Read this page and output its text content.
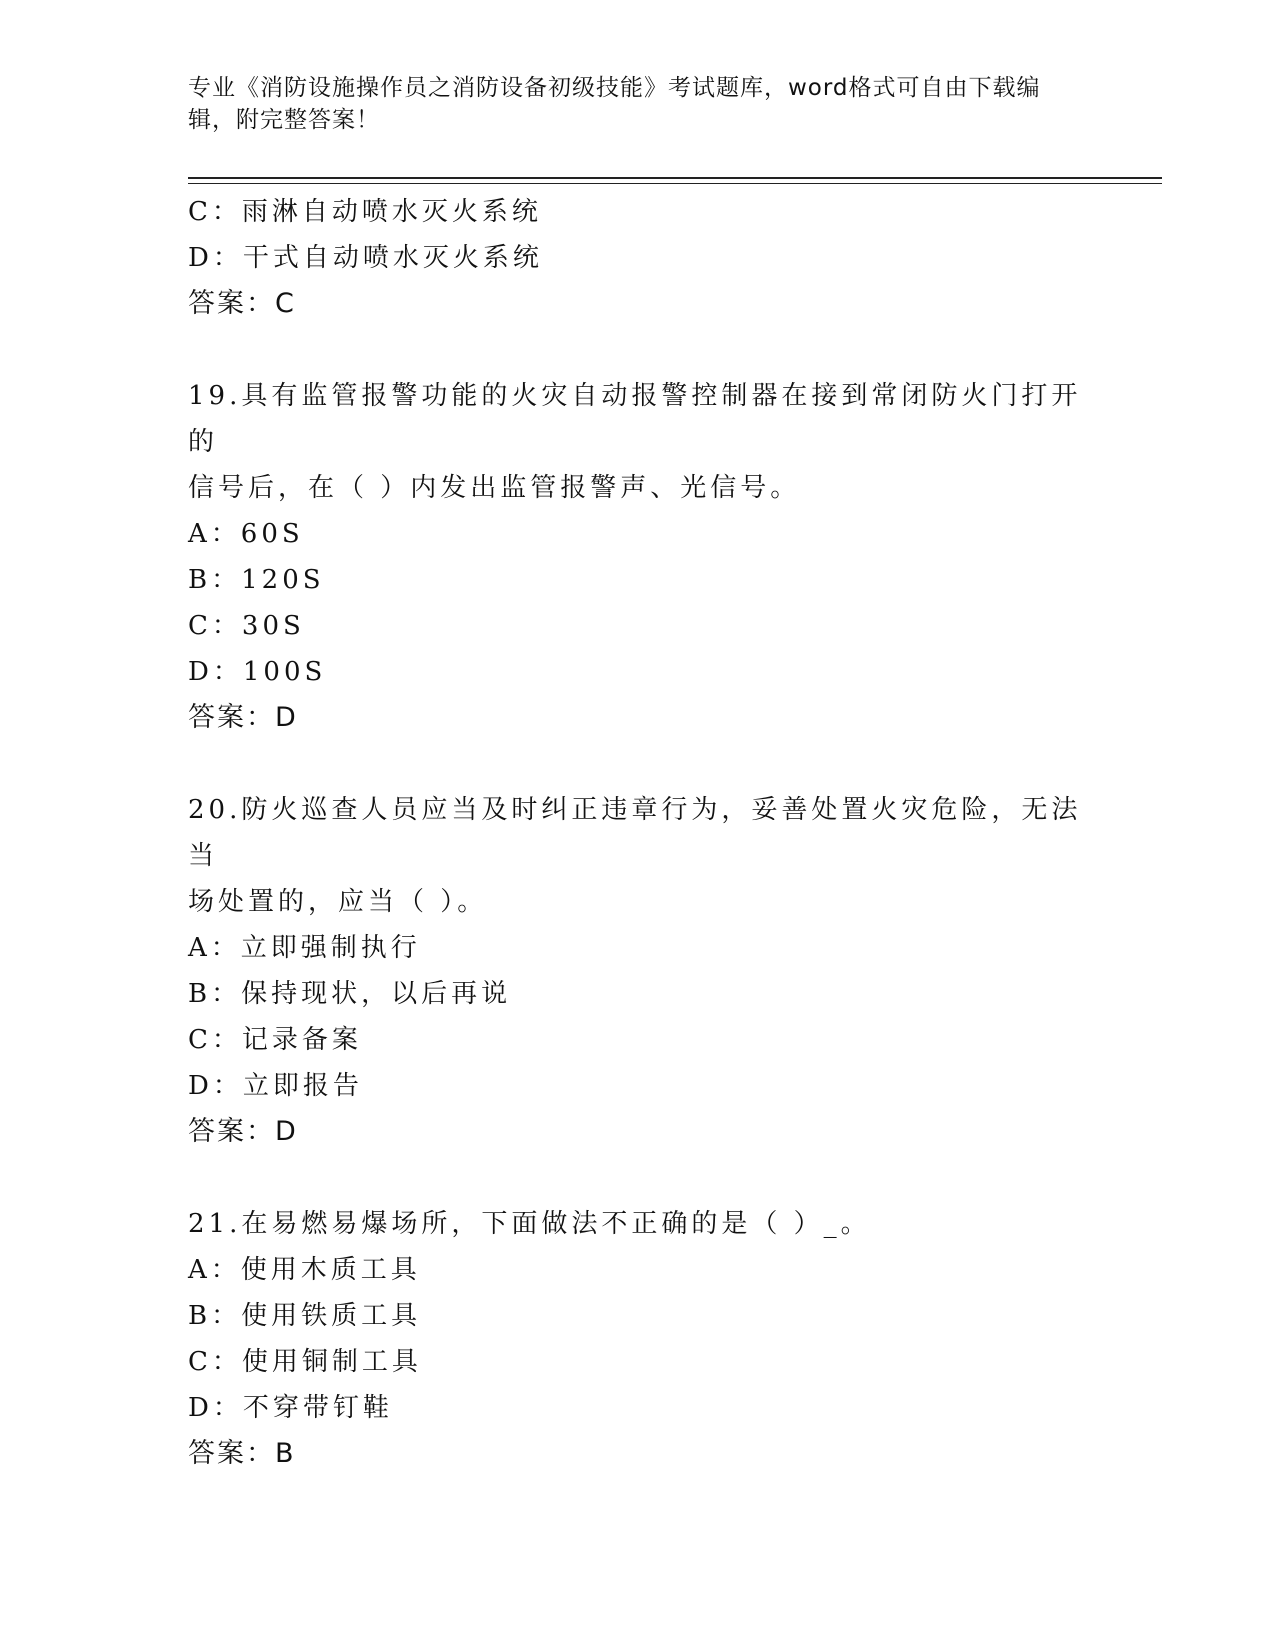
专业《消防设施操作员之消防设备初级技能》考试题库，word格式可自由下载编辑，附完整答案！
C：雨淋自动喷水灭火系统
D：干式自动喷水灭火系统
答案：C
19.具有监管报警功能的火灾自动报警控制器在接到常闭防火门打开的
信号后，在（ ）内发出监管报警声、光信号。
A：60S
B：120S
C：30S
D：100S
答案：D
20.防火巡查人员应当及时纠正违章行为，妥善处置火灾危险，无法当
场处置的，应当（ ）。
A：立即强制执行
B：保持现状，以后再说
C：记录备案
D：立即报告
答案：D
21.在易燃易爆场所，下面做法不正确的是（ ）_。
A：使用木质工具
B：使用铁质工具
C：使用铜制工具
D：不穿带钉鞋
答案：B
